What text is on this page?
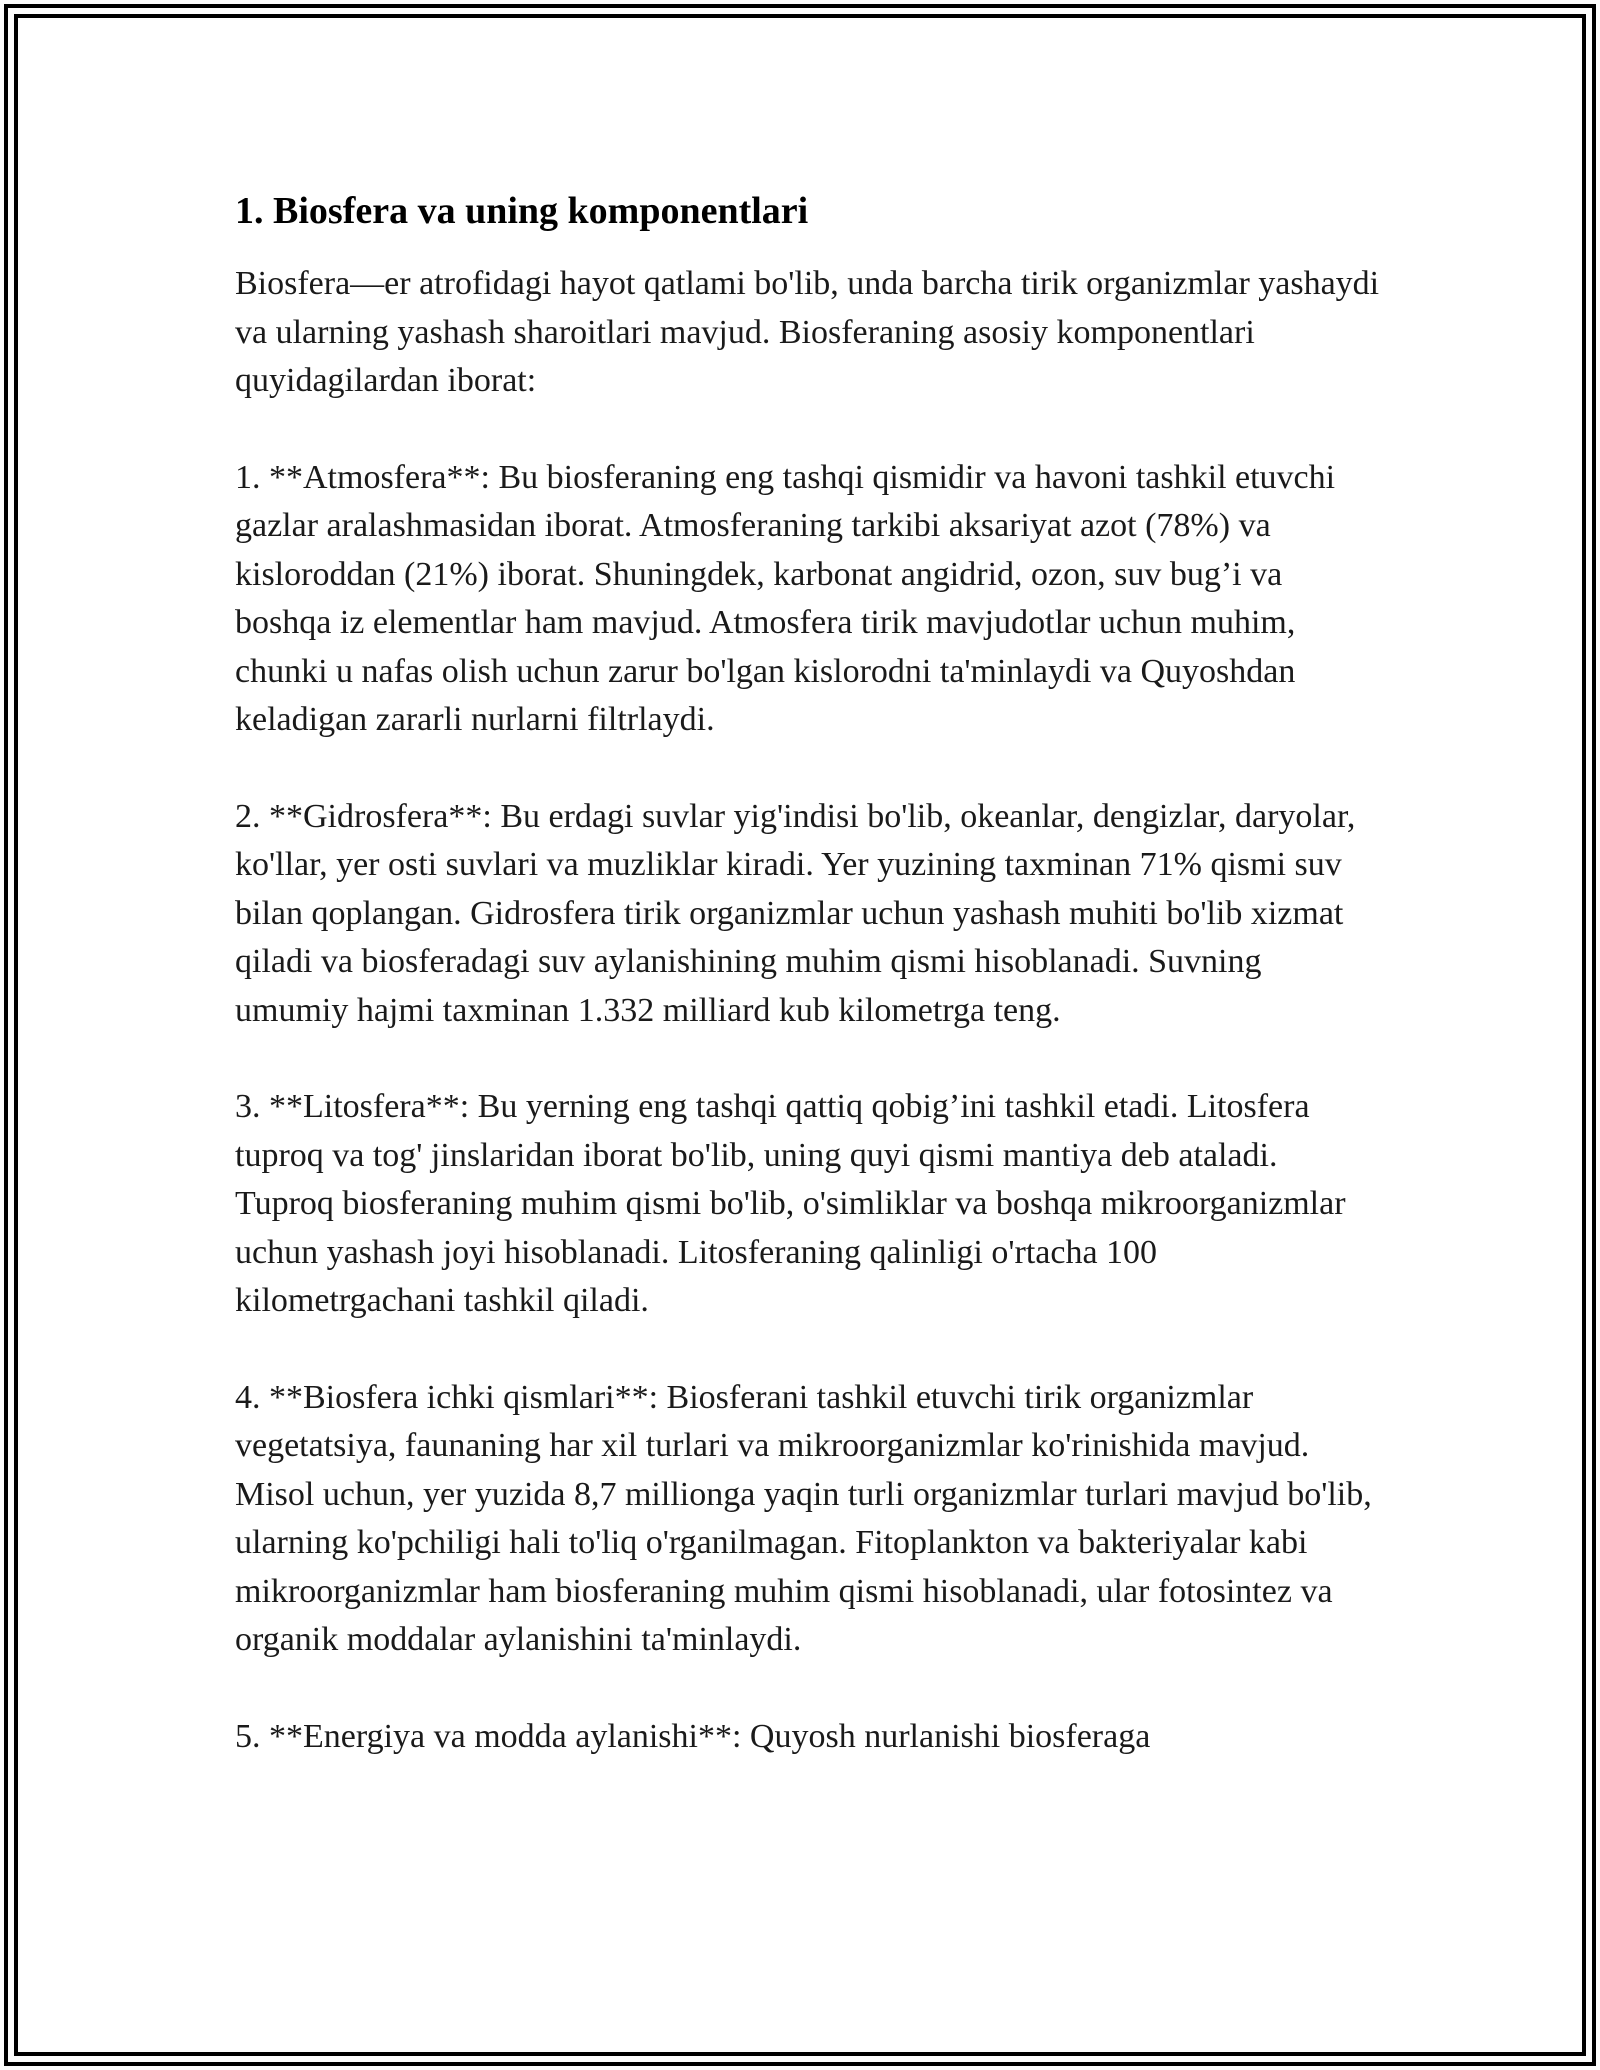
1. Biosfera va uning komponentlari

Biosfera—er atrofidagi hayot qatlami bo'lib, unda barcha tirik organizmlar yashaydi va ularning yashash sharoitlari mavjud. Biosferaning asosiy komponentlari quyidagilardan iborat:

1. **Atmosfera**: Bu biosferaning eng tashqi qismidir va havoni tashkil etuvchi gazlar aralashmasidan iborat. Atmosferaning tarkibi aksariyat azot (78%) va kisloroddan (21%) iborat. Shuningdek, karbonat angidrid, ozon, suv bug’i va boshqa iz elementlar ham mavjud. Atmosfera tirik mavjudotlar uchun muhim, chunki u nafas olish uchun zarur bo'lgan kislorodni ta'minlaydi va Quyoshdan keladigan zararli nurlarni filtrlaydi.

2. **Gidrosfera**: Bu erdagi suvlar yig'indisi bo'lib, okeanlar, dengizlar, daryolar, ko'llar, yer osti suvlari va muzliklar kiradi. Yer yuzining taxminan 71% qismi suv bilan qoplangan. Gidrosfera tirik organizmlar uchun yashash muhiti bo'lib xizmat qiladi va biosferadagi suv aylanishining muhim qismi hisoblanadi. Suvning umumiy hajmi taxminan 1.332 milliard kub kilometrga teng.

3. **Litosfera**: Bu yerning eng tashqi qattiq qobig’ini tashkil etadi. Litosfera tuproq va tog' jinslaridan iborat bo'lib, uning quyi qismi mantiya deb ataladi. Tuproq biosferaning muhim qismi bo'lib, o'simliklar va boshqa mikroorganizmlar uchun yashash joyi hisoblanadi. Litosferaning qalinligi o'rtacha 100 kilometrgachani tashkil qiladi.

4. **Biosfera ichki qismlari**: Biosferani tashkil etuvchi tirik organizmlar vegetatsiya, faunaning har xil turlari va mikroorganizmlar ko'rinishida mavjud. Misol uchun, yer yuzida 8,7 millionga yaqin turli organizmlar turlari mavjud bo'lib, ularning ko'pchiligi hali to'liq o'rganilmagan. Fitoplankton va bakteriyalar kabi mikroorganizmlar ham biosferaning muhim qismi hisoblanadi, ular fotosintez va organik moddalar aylanishini ta'minlaydi.

5. **Energiya va modda aylanishi**: Quyosh nurlanishi biosferaga
